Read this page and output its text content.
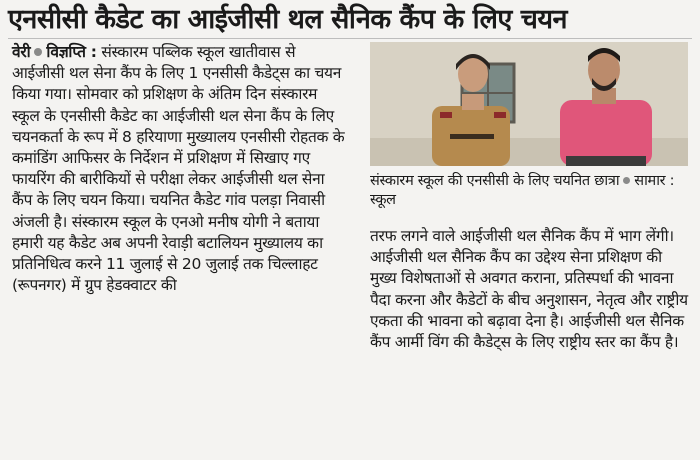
एनसीसी कैडेट का आईजीसी थल सैनिक कैंप के लिए चयन

वेरी विज्ञप्ति : संस्कारम पब्लिक स्कूल खातीवास से आईजीसी थल सेना कैंप के लिए 1 एनसीसी कैडेट्स का चयन किया गया। सोमवार को प्रशिक्षण के अंतिम दिन संस्कारम स्कूल के एनसीसी कैडेट का आईजीसी थल सेना कैंप के लिए चयनकर्ता के रूप में 8 हरियाणा मुख्यालय एनसीसी रोहतक के कमांडिंग आफिसर के निर्देशन में प्रशिक्षण में सिखाए गए फायरिंग की बारीकियों से परीक्षा लेकर आईजीसी थल सेना कैंप के लिए चयन किया। चयनित कैडेट गांव पलड़ा निवासी अंजली है। संस्कारम स्कूल के एनओ मनीष योगी ने बताया हमारी यह कैडेट अब अपनी रेवाड़ी बटालियन मुख्यालय का प्रतिनिधित्व करने 11 जुलाई से 20 जुलाई तक चिल्लाहट (रूपनगर) में ग्रुप हेडक्वाटर की

संस्कारम स्कूल की एनसीसी के लिए चयनित छात्रा सामार : स्कूल

तरफ लगने वाले आईजीसी थल सैनिक कैंप में भाग लेंगी। आईजीसी थल सैनिक कैंप का उद्देश्य सेना प्रशिक्षण की मुख्य विशेषताओं से अवगत कराना, प्रतिस्पर्धा की भावना पैदा करना और कैडेटों के बीच अनुशासन, नेतृत्व और राष्ट्रीय एकता की भावना को बढ़ावा देना है। आईजीसी थल सैनिक कैंप आर्मी विंग की कैडेट्स के लिए राष्ट्रीय स्तर का कैंप है।
